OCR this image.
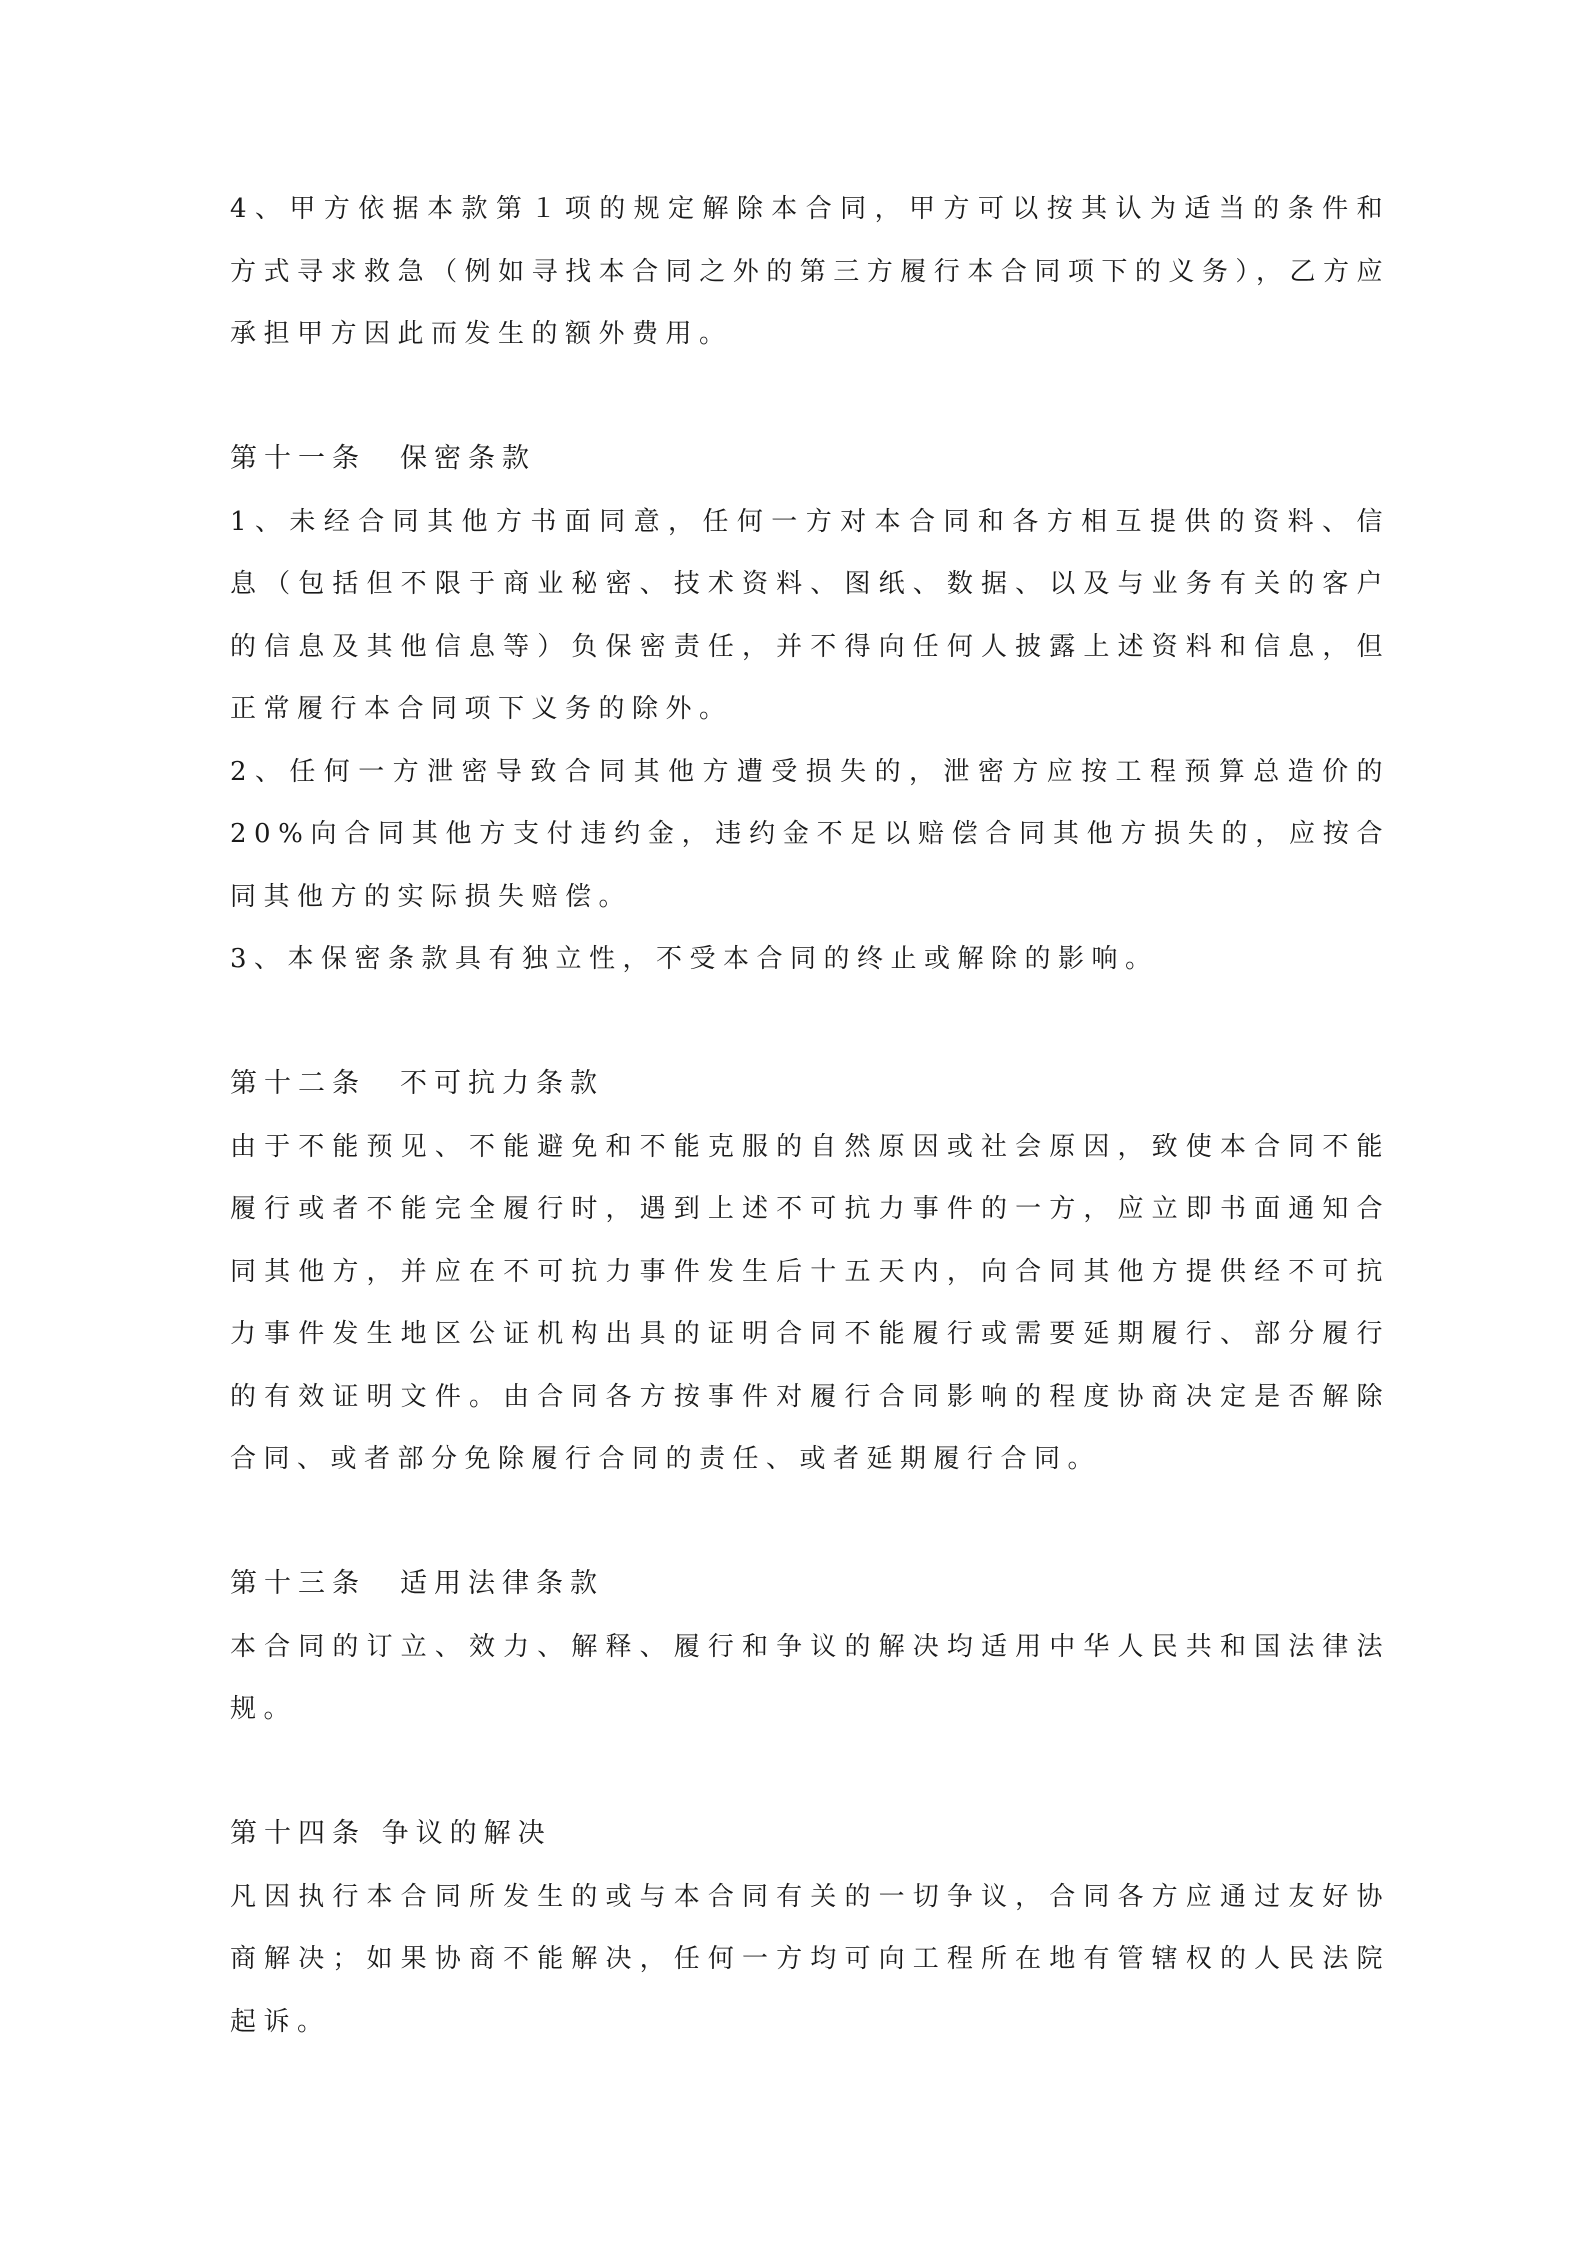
4、甲方依据本款第１项的规定解除本合同，甲方可以按其认为适当的条件和方式寻求救急（例如寻找本合同之外的第三方履行本合同项下的义务），乙方应承担甲方因此而发生的额外费用。

第十一条　保密条款

1、未经合同其他方书面同意，任何一方对本合同和各方相互提供的资料、信息（包括但不限于商业秘密、技术资料、图纸、数据、以及与业务有关的客户的信息及其他信息等）负保密责任，并不得向任何人披露上述资料和信息，但正常履行本合同项下义务的除外。

2、任何一方泄密导致合同其他方遭受损失的，泄密方应按工程预算总造价的20%向合同其他方支付违约金，违约金不足以赔偿合同其他方损失的，应按合同其他方的实际损失赔偿。

3、本保密条款具有独立性，不受本合同的终止或解除的影响。

第十二条　不可抗力条款

由于不能预见、不能避免和不能克服的自然原因或社会原因，致使本合同不能履行或者不能完全履行时，遇到上述不可抗力事件的一方，应立即书面通知合同其他方，并应在不可抗力事件发生后十五天内，向合同其他方提供经不可抗力事件发生地区公证机构出具的证明合同不能履行或需要延期履行、部分履行的有效证明文件。由合同各方按事件对履行合同影响的程度协商决定是否解除合同、或者部分免除履行合同的责任、或者延期履行合同。

第十三条　适用法律条款

本合同的订立、效力、解释、履行和争议的解决均适用中华人民共和国法律法规。

第十四条 争议的解决

凡因执行本合同所发生的或与本合同有关的一切争议，合同各方应通过友好协商解决；如果协商不能解决，任何一方均可向工程所在地有管辖权的人民法院起诉。
